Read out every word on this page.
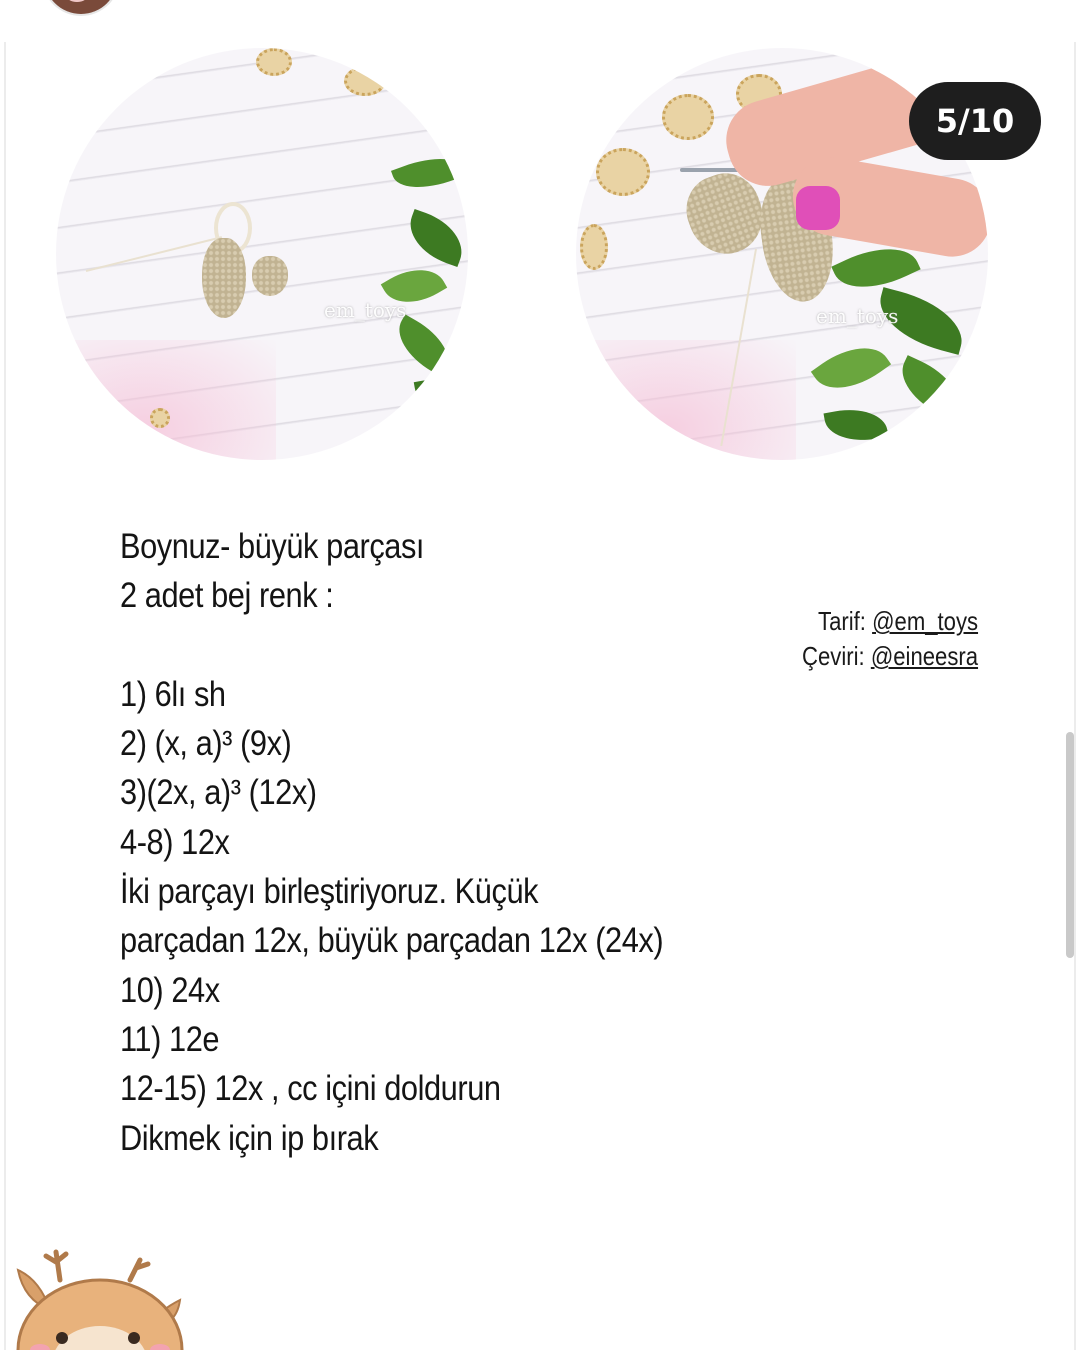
em_toys	em_toys
5/10
Boynuz- büyük parçası
2 adet bej renk :
1) 6lı sh
2) (x, a)³ (9x)
3)(2x, a)³ (12x)
4-8) 12x
İki parçayı birleştiriyoruz. Küçük
parçadan 12x, büyük parçadan 12x (24x)
10) 24x
11) 12e
12-15) 12x , cc içini doldurun
Dikmek için ip bırak
Tarif: @em_toys
Çeviri: @eineesra
